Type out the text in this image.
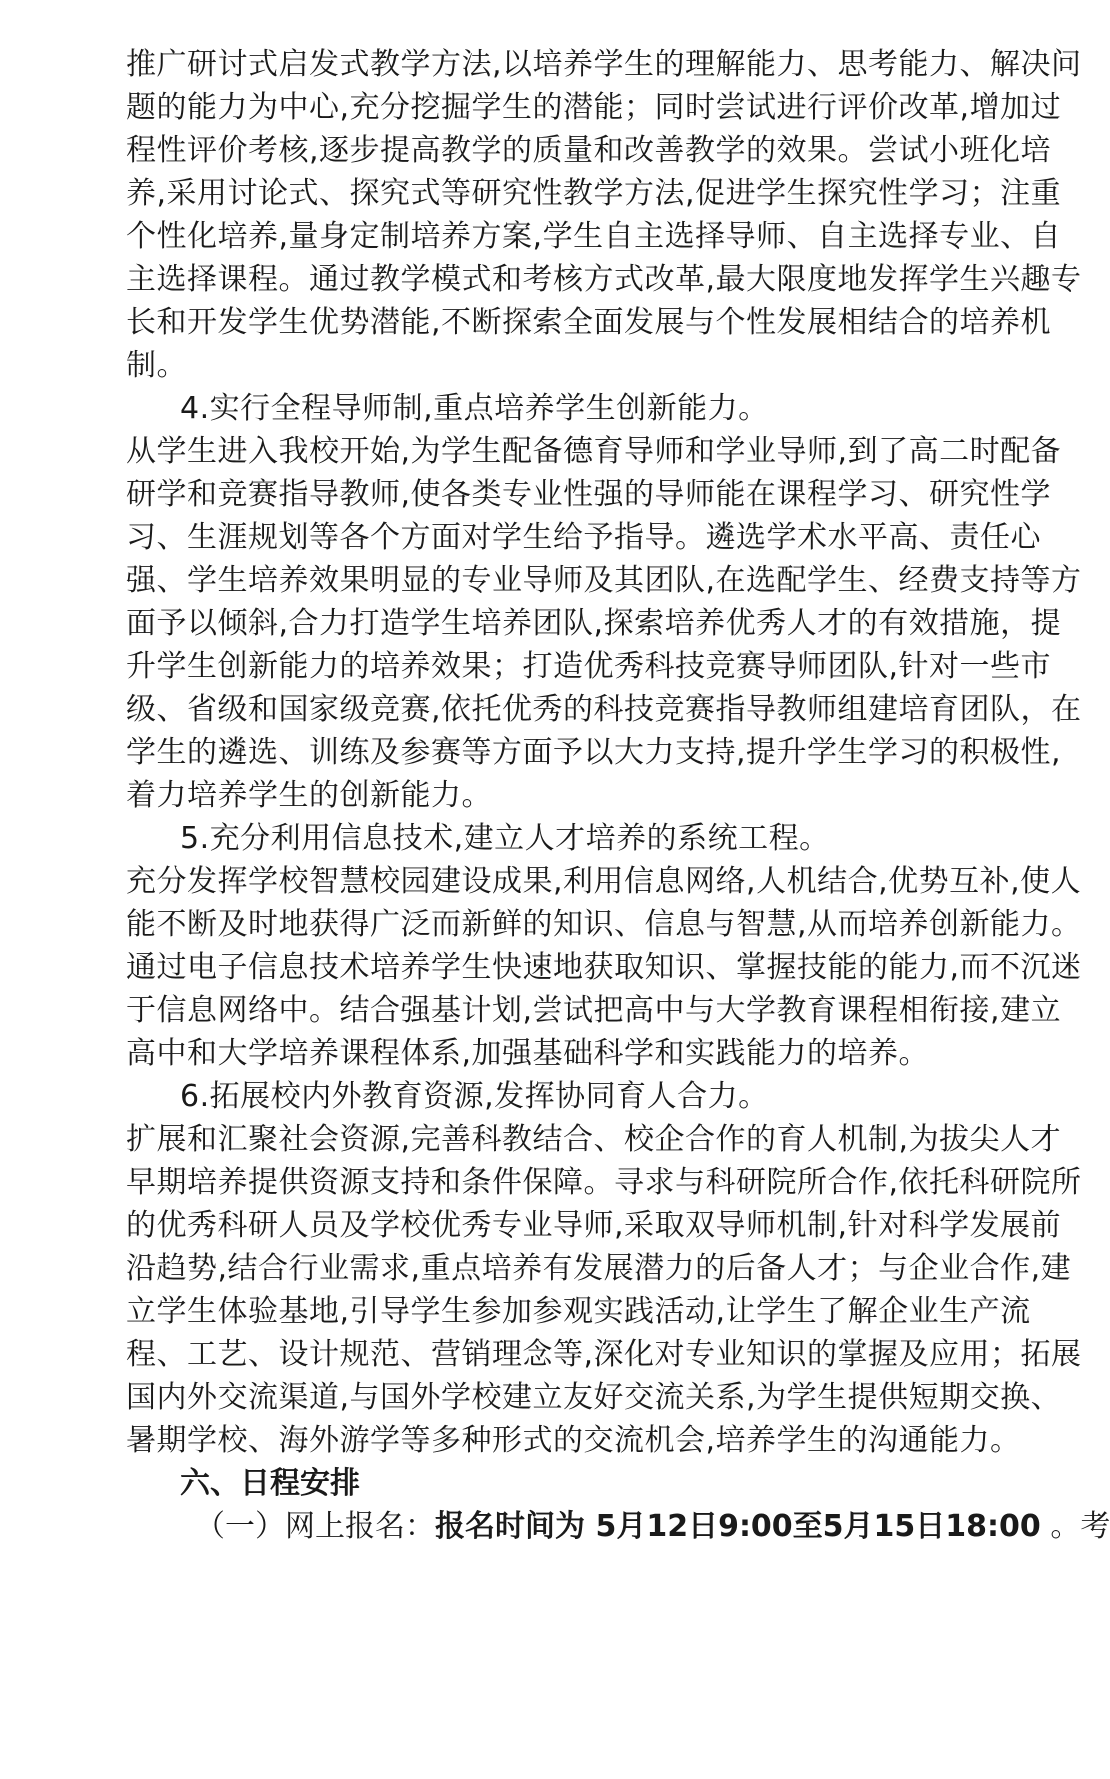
推广研讨式启发式教学方法,以培养学生的理解能力、思考能力、解决问
题的能力为中心,充分挖掘学生的潜能；同时尝试进行评价改革,增加过
程性评价考核,逐步提高教学的质量和改善教学的效果。尝试小班化培
养,采用讨论式、探究式等研究性教学方法,促进学生探究性学习；注重
个性化培养,量身定制培养方案,学生自主选择导师、自主选择专业、自
主选择课程。通过教学模式和考核方式改革,最大限度地发挥学生兴趣专
长和开发学生优势潜能,不断探索全面发展与个性发展相结合的培养机
制。
4.实行全程导师制,重点培养学生创新能力。
从学生进入我校开始,为学生配备德育导师和学业导师,到了高二时配备
研学和竞赛指导教师,使各类专业性强的导师能在课程学习、研究性学
习、生涯规划等各个方面对学生给予指导。遴选学术水平高、责任心
强、学生培养效果明显的专业导师及其团队,在选配学生、经费支持等方
面予以倾斜,合力打造学生培养团队,探索培养优秀人才的有效措施，提
升学生创新能力的培养效果；打造优秀科技竞赛导师团队,针对一些市
级、省级和国家级竞赛,依托优秀的科技竞赛指导教师组建培育团队，在
学生的遴选、训练及参赛等方面予以大力支持,提升学生学习的积极性,
着力培养学生的创新能力。
5.充分利用信息技术,建立人才培养的系统工程。
充分发挥学校智慧校园建设成果,利用信息网络,人机结合,优势互补,使人
能不断及时地获得广泛而新鲜的知识、信息与智慧,从而培养创新能力。
通过电子信息技术培养学生快速地获取知识、掌握技能的能力,而不沉迷
于信息网络中。结合强基计划,尝试把高中与大学教育课程相衔接,建立
高中和大学培养课程体系,加强基础科学和实践能力的培养。
6.拓展校内外教育资源,发挥协同育人合力。
扩展和汇聚社会资源,完善科教结合、校企合作的育人机制,为拔尖人才
早期培养提供资源支持和条件保障。寻求与科研院所合作,依托科研院所
的优秀科研人员及学校优秀专业导师,采取双导师机制,针对科学发展前
沿趋势,结合行业需求,重点培养有发展潜力的后备人才；与企业合作,建
立学生体验基地,引导学生参加参观实践活动,让学生了解企业生产流
程、工艺、设计规范、营销理念等,深化对专业知识的掌握及应用；拓展
国内外交流渠道,与国外学校建立友好交流关系,为学生提供短期交换、
暑期学校、海外游学等多种形式的交流机会,培养学生的沟通能力。
六、日程安排
（一）网上报名：报名时间为 5月12日9:00至5月15日18:00 。考
